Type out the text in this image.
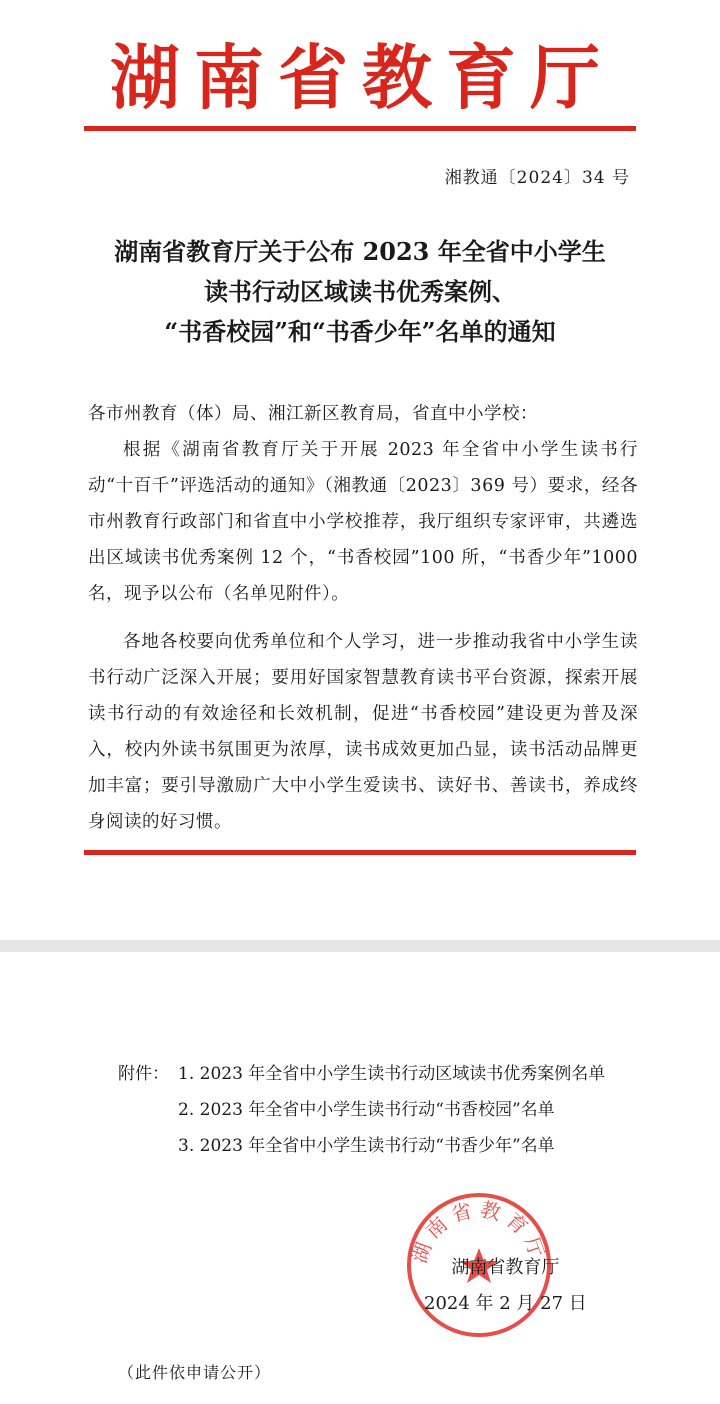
湖南省教育厅
湘教通〔2024〕34 号
湖南省教育厅关于公布 2023 年全省中小学生
读书行动区域读书优秀案例、
“书香校园”和“书香少年”名单的通知

各市州教育（体）局、湘江新区教育局，省直中小学校：

根据《湖南省教育厅关于开展 2023 年全省中小学生读书行动“十百千”评选活动的通知》（湘教通〔2023〕369 号）要求，经各市州教育行政部门和省直中小学校推荐，我厅组织专家评审，共遴选出区域读书优秀案例 12 个，“书香校园”100 所，“书香少年”1000 名，现予以公布（名单见附件）。

各地各校要向优秀单位和个人学习，进一步推动我省中小学生读书行动广泛深入开展；要用好国家智慧教育读书平台资源，探索开展读书行动的有效途径和长效机制，促进“书香校园”建设更为普及深入，校内外读书氛围更为浓厚，读书成效更加凸显，读书活动品牌更加丰富；要引导激励广大中小学生爱读书、读好书、善读书，养成终身阅读的好习惯。

附件： 1. 2023 年全省中小学生读书行动区域读书优秀案例名单
2. 2023 年全省中小学生读书行动“书香校园”名单
3. 2023 年全省中小学生读书行动“书香少年”名单
湖南省教育厅
湖南省教育厅
2024 年 2 月 27 日
（此件依申请公开）
